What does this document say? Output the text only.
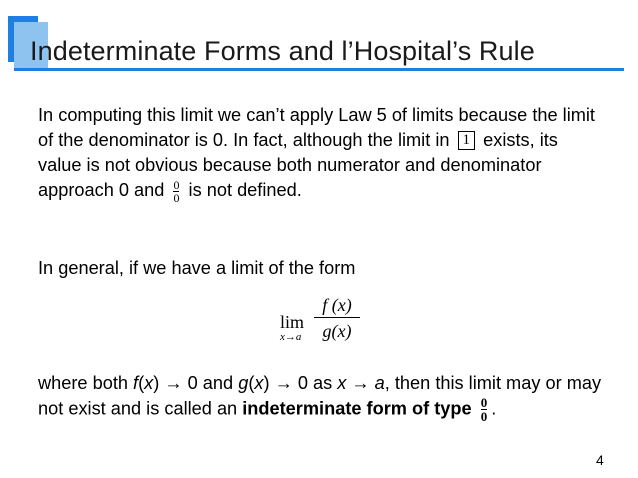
Indeterminate Forms and l’Hospital’s Rule
In computing this limit we can’t apply Law 5 of limits because the limit of the denominator is 0. In fact, although the limit in 1 exists, its value is not obvious because both numerator and denominator approach 0 and $\frac{0}{0}$ is not defined.
In general, if we have a limit of the form
lim
x→a
f (x)
g(x)
where both f(x) → 0 and g(x) → 0 as x → a, then this limit may or may not exist and is called an indeterminate form of type $\frac{0}{0}$ .
4
